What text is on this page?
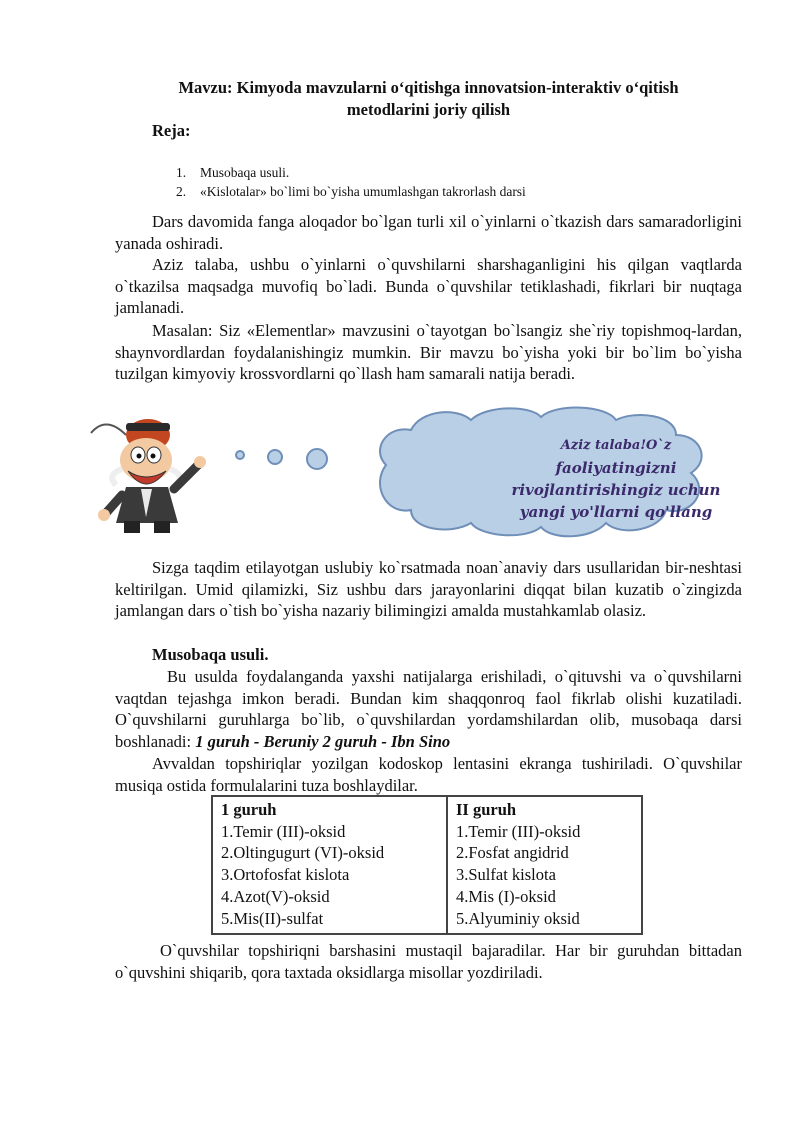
Mavzu: Kimyoda mavzularni o‘qitishga innovatsion-interaktiv o‘qitish
metodlarini joriy qilish
Reja:
1. Musobaqa usuli.
2. «Kislotalar» bo`limi bo`yisha umumlashgan takrorlash darsi

Dars davomida fanga aloqador bo`lgan turli xil o`yinlarni o`tkazish dars samaradorligini yanada oshiradi.

Aziz talaba, ushbu o`yinlarni o`quvshilarni sharshaganligini his qilgan vaqtlarda o`tkazilsa maqsadga muvofiq bo`ladi. Bunda o`quvshilar tetiklashadi, fikrlari bir nuqtaga jamlanadi.

Masalan: Siz «Elementlar» mavzusini o`tayotgan bo`lsangiz she`riy topishmoq-lardan, shaynvordlardan foydalanishingiz mumkin. Bir mavzu bo`yisha yoki bir bo`lim bo`yisha tuzilgan kimyoviy krossvordlarni qo`llash ham samarali natija beradi.

Aziz talaba!O`z
faoliyatingizni
rivojlantirishingiz uchun
yangi yo'llarni qo'llang

Sizga taqdim etilayotgan uslubiy ko`rsatmada noan`anaviy dars usullaridan bir-neshtasi keltirilgan. Umid qilamizki, Siz ushbu dars jarayonlarini diqqat bilan kuzatib o`zingizda jamlangan dars o`tish bo`yisha nazariy bilimingizi amalda mustahkamlab olasiz.

Musobaqa usuli.

Bu usulda foydalanganda yaxshi natijalarga erishiladi, o`qituvshi va o`quvshilarni vaqtdan tejashga imkon beradi. Bundan kim shaqqonroq faol fikrlab olishi kuzatiladi. O`quvshilarni guruhlarga bo`lib, o`quvshilardan yordamshilardan olib, musobaqa darsi boshlanadi: 1 guruh - Beruniy 2 guruh - Ibn Sino

Avvaldan topshiriqlar yozilgan kodoskop lentasini ekranga tushiriladi. O`quvshilar musiqa ostida formulalarini tuza boshlaydilar.

1 guruh
1.Temir (III)-oksid
2.Oltingugurt (VI)-oksid
3.Ortofosfat kislota
4.Azot(V)-oksid
5.Mis(II)-sulfat
II guruh
1.Temir (III)-oksid
2.Fosfat angidrid
3.Sulfat kislota
4.Mis (I)-oksid
5.Alyuminiy oksid

O`quvshilar topshiriqni barshasini mustaqil bajaradilar. Har bir guruhdan bittadan o`quvshini shiqarib, qora taxtada oksidlarga misollar yozdiriladi.
